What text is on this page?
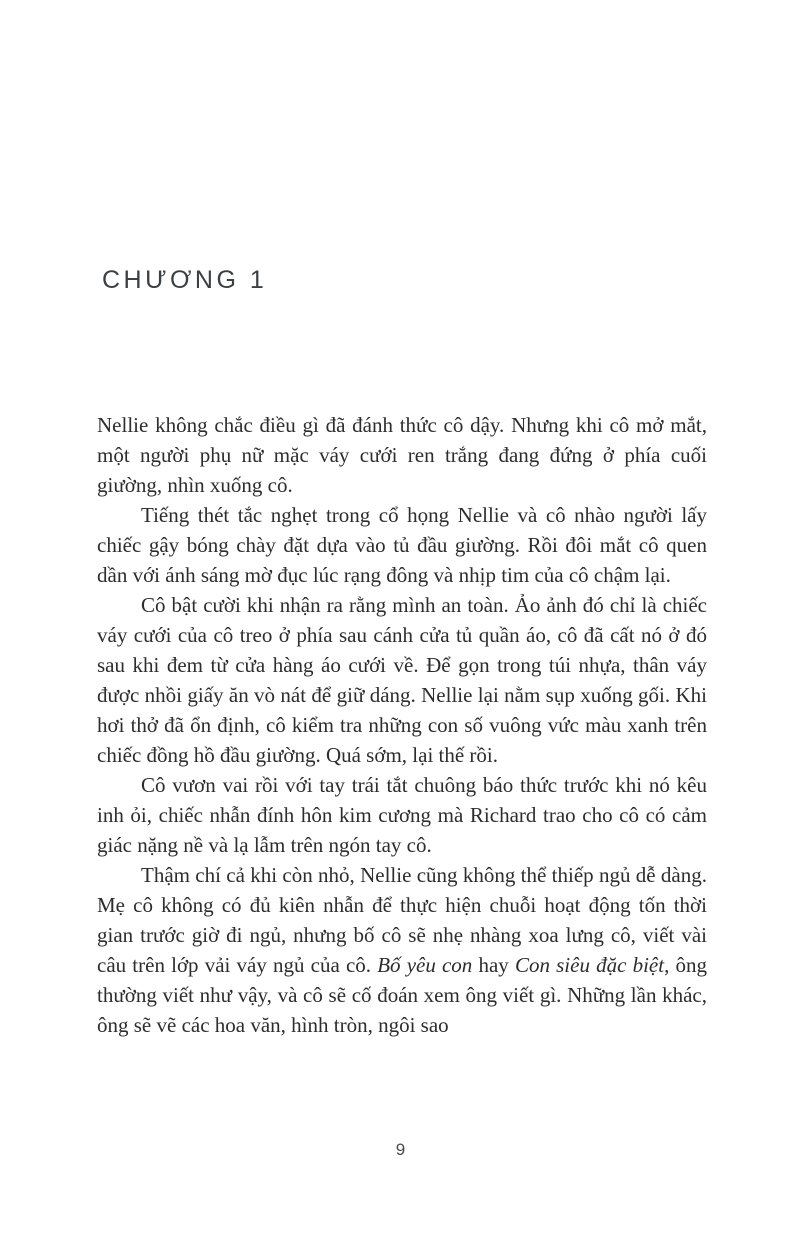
CHƯƠNG 1

Nellie không chắc điều gì đã đánh thức cô dậy. Nhưng khi cô mở mắt, một người phụ nữ mặc váy cưới ren trắng đang đứng ở phía cuối giường, nhìn xuống cô.

Tiếng thét tắc nghẹt trong cổ họng Nellie và cô nhào người lấy chiếc gậy bóng chày đặt dựa vào tủ đầu giường. Rồi đôi mắt cô quen dần với ánh sáng mờ đục lúc rạng đông và nhịp tim của cô chậm lại.

Cô bật cười khi nhận ra rằng mình an toàn. Ảo ảnh đó chỉ là chiếc váy cưới của cô treo ở phía sau cánh cửa tủ quần áo, cô đã cất nó ở đó sau khi đem từ cửa hàng áo cưới về. Để gọn trong túi nhựa, thân váy được nhồi giấy ăn vò nát để giữ dáng. Nellie lại nằm sụp xuống gối. Khi hơi thở đã ổn định, cô kiểm tra những con số vuông vức màu xanh trên chiếc đồng hồ đầu giường. Quá sớm, lại thế rồi.

Cô vươn vai rồi với tay trái tắt chuông báo thức trước khi nó kêu inh ỏi, chiếc nhẫn đính hôn kim cương mà Richard trao cho cô có cảm giác nặng nề và lạ lẫm trên ngón tay cô.

Thậm chí cả khi còn nhỏ, Nellie cũng không thể thiếp ngủ dễ dàng. Mẹ cô không có đủ kiên nhẫn để thực hiện chuỗi hoạt động tốn thời gian trước giờ đi ngủ, nhưng bố cô sẽ nhẹ nhàng xoa lưng cô, viết vài câu trên lớp vải váy ngủ của cô. Bố yêu con hay Con siêu đặc biệt, ông thường viết như vậy, và cô sẽ cố đoán xem ông viết gì. Những lần khác, ông sẽ vẽ các hoa văn, hình tròn, ngôi sao

9
